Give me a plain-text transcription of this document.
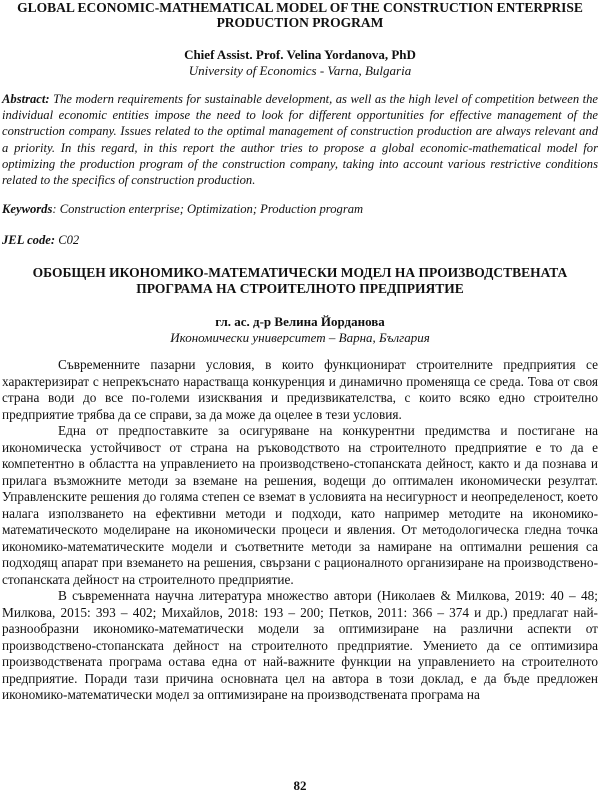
GLOBAL ECONOMIC-MATHEMATICAL MODEL OF THE CONSTRUCTION ENTERPRISE PRODUCTION PROGRAM
Chief Assist. Prof. Velina Yordanova, PhD
University of Economics - Varna, Bulgaria
Abstract: The modern requirements for sustainable development, as well as the high level of competition between the individual economic entities impose the need to look for different opportunities for effective management of the construction company. Issues related to the optimal management of construction production are always relevant and a priority. In this regard, in this report the author tries to propose a global economic-mathematical model for optimizing the production program of the construction company, taking into account various restrictive conditions related to the specifics of construction production.
Keywords: Construction enterprise; Optimization; Production program
JEL code: C02
ОБОБЩЕН ИКОНОМИКО-МАТЕМАТИЧЕСКИ МОДЕЛ НА ПРОИЗВОДСТВЕНАТА ПРОГРАМА НА СТРОИТЕЛНОТО ПРЕДПРИЯТИЕ
гл. ас. д-р Велина Йорданова
Икономически университет – Варна, България

Съвременните пазарни условия, в които функционират строителните предприятия се характеризират с непрекъснато нарастваща конкуренция и динамично променяща се среда. Това от своя страна води до все по-големи изисквания и предизвикателства, с които всяко едно строително предприятие трябва да се справи, за да може да оцелее в тези условия.

Една от предпоставките за осигуряване на конкурентни предимства и постигане на икономическа устойчивост от страна на ръководството на строителното предприятие е то да е компетентно в областта на управлението на производствено-стопанската дейност, както и да познава и прилага възможните методи за вземане на решения, водещи до оптимален икономически резултат. Управленските решения до голяма степен се вземат в условията на несигурност и неопределеност, което налага използването на ефективни методи и подходи, като например методите на икономико-математическото моделиране на икономически процеси и явления. От методологическа гледна точка икономико-математическите модели и съответните методи за намиране на оптимални решения са подходящ апарат при вземането на решения, свързани с рационалното организиране на производствено-стопанската дейност на строителното предприятие.

В съвременната научна литература множество автори (Николаев & Милкова, 2019: 40 – 48; Милкова, 2015: 393 – 402; Михайлов, 2018: 193 – 200; Петков, 2011: 366 – 374 и др.) предлагат най-разнообразни икономико-математически модели за оптимизиране на различни аспекти от производствено-стопанската дейност на строителното предприятие. Умението да се оптимизира производствената програма остава една от най-важните функции на управлението на строителното предприятие. Поради тази причина основната цел на автора в този доклад, е да бъде предложен икономико-математически модел за оптимизиране на производствената програма на

82
